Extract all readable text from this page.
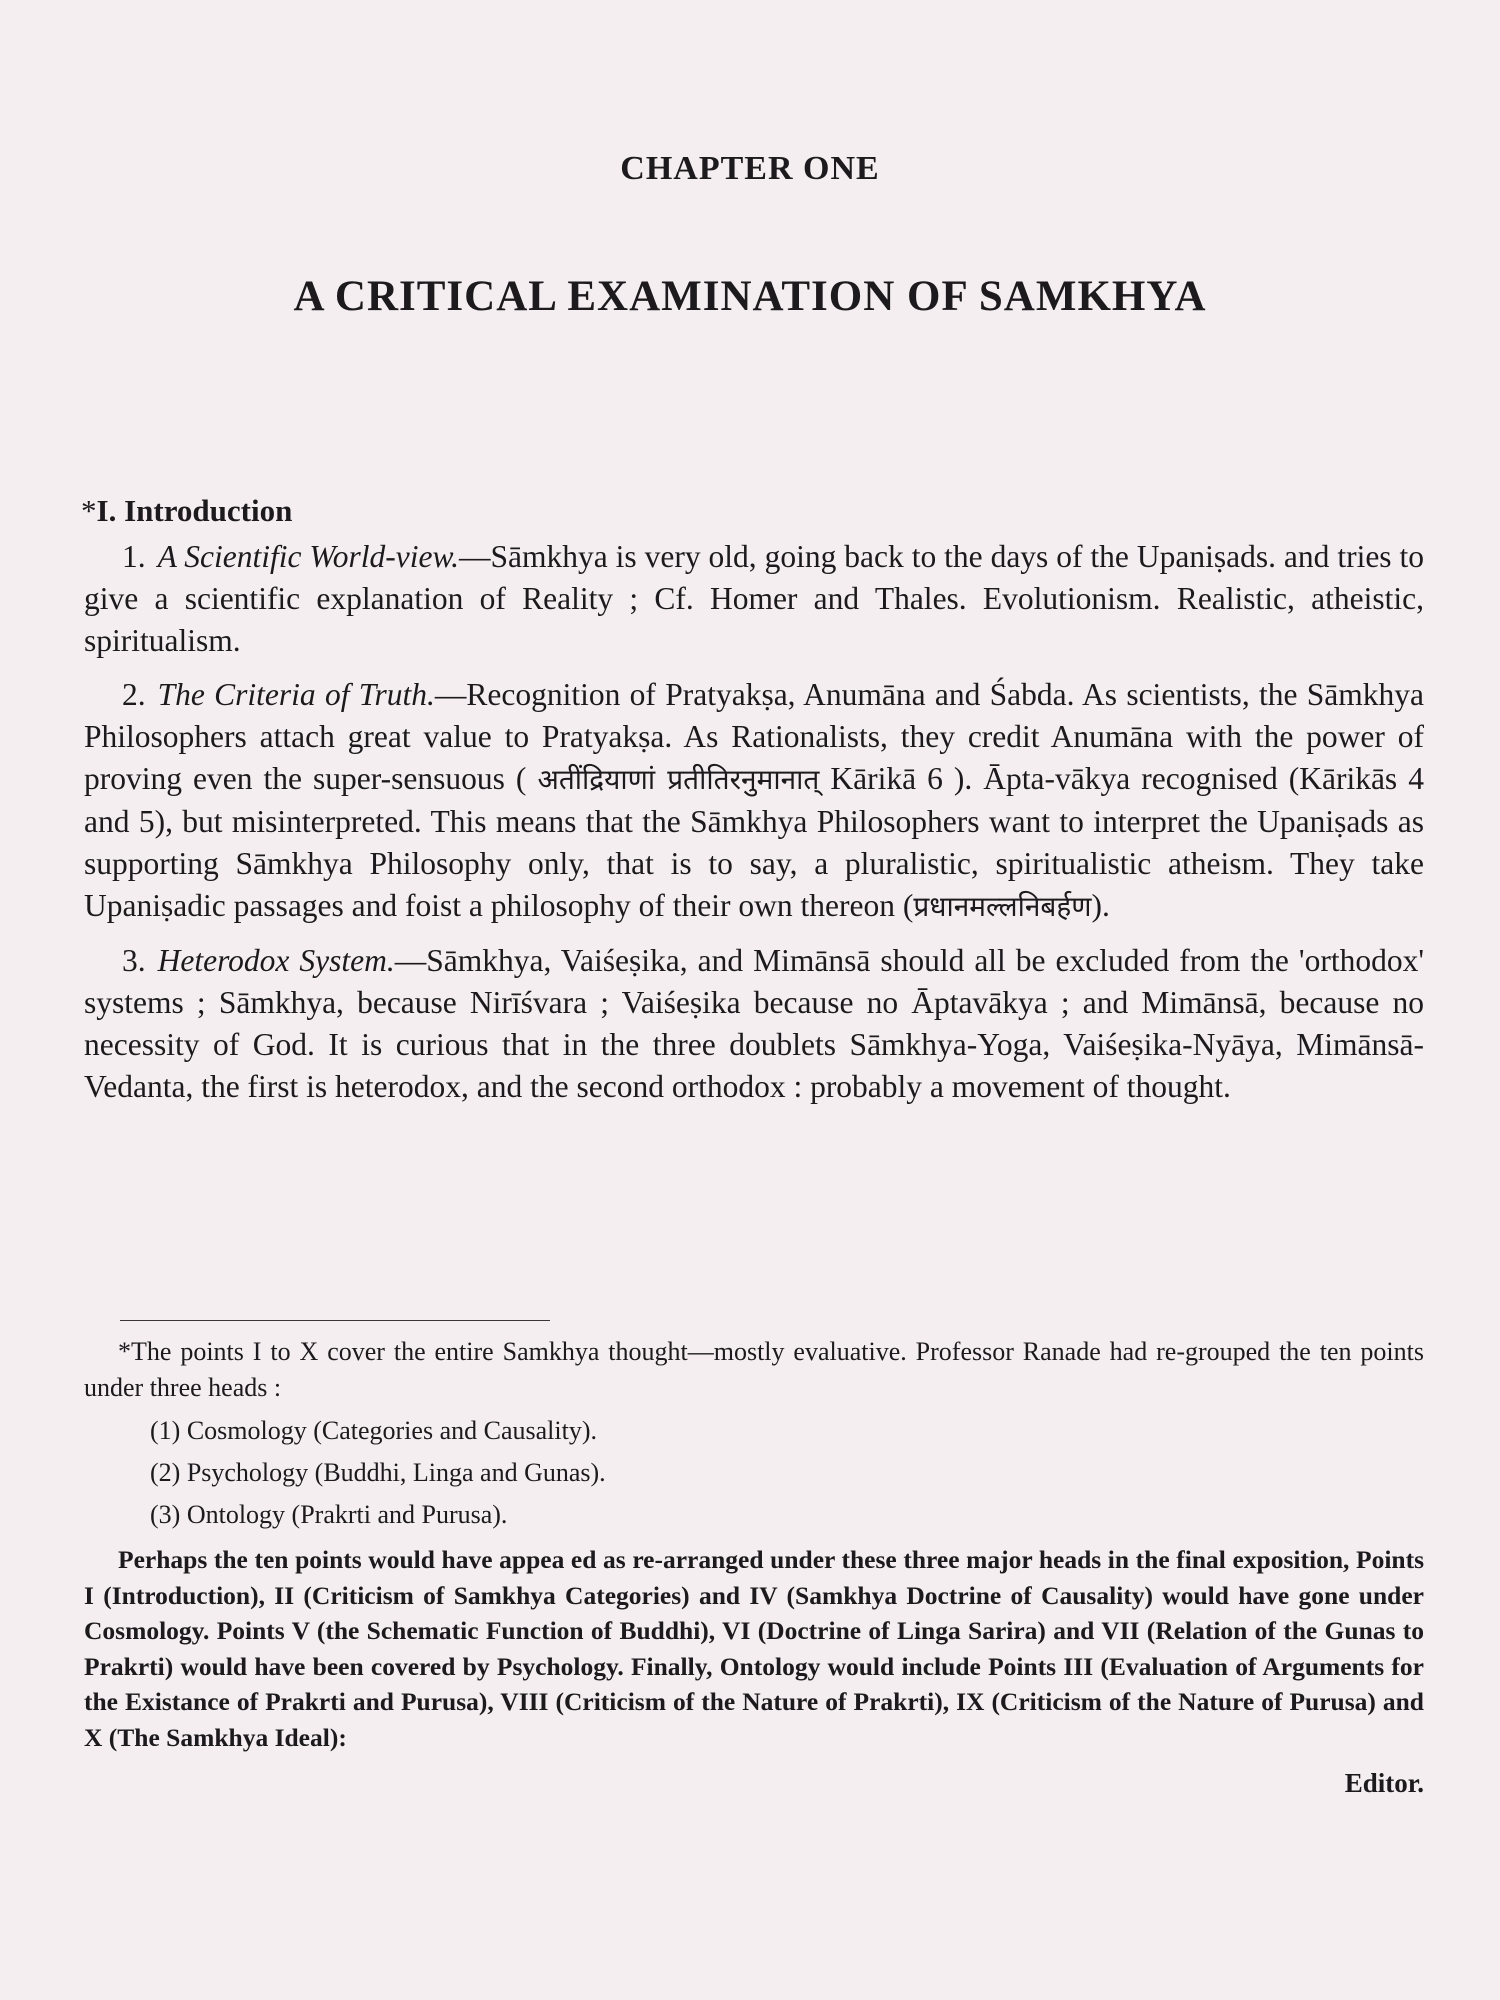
CHAPTER ONE
A CRITICAL EXAMINATION OF SAMKHYA
*I. Introduction

1. A Scientific World-view.—Sāmkhya is very old, going back to the days of the Upaniṣads. and tries to give a scientific explanation of Reality ; Cf. Homer and Thales. Evolutionism. Realistic, atheistic, spiritualism.

2. The Criteria of Truth.—Recognition of Pratyakṣa, Anumāna and Śabda. As scientists, the Sāmkhya Philosophers attach great value to Pratyakṣa. As Rationalists, they credit Anumāna with the power of proving even the super-sensuous ( अतींद्रियाणां प्रतीतिरनुमानात् Kārikā 6 ). Āpta-vākya recognised (Kārikās 4 and 5), but misinterpreted. This means that the Sāmkhya Philosophers want to interpret the Upaniṣads as supporting Sāmkhya Philosophy only, that is to say, a pluralistic, spiritualistic atheism. They take Upaniṣadic passages and foist a philosophy of their own thereon (प्रधानमल्लनिबर्हण).

3. Heterodox System.—Sāmkhya, Vaiśeṣika, and Mimānsā should all be excluded from the 'orthodox' systems ; Sāmkhya, because Nirīśvara ; Vaiśeṣika because no Āptavākya ; and Mimānsā, because no necessity of God. It is curious that in the three doublets Sāmkhya-Yoga, Vaiśeṣika-Nyāya, Mimānsā-Vedanta, the first is heterodox, and the second orthodox : probably a movement of thought.

*The points I to X cover the entire Samkhya thought—mostly evaluative. Professor Ranade had re-grouped the ten points under three heads :

(1) Cosmology (Categories and Causality).
(2) Psychology (Buddhi, Linga and Gunas).
(3) Ontology (Prakrti and Purusa).

Perhaps the ten points would have appea ed as re-arranged under these three major heads in the final exposition, Points I (Introduction), II (Criticism of Samkhya Categories) and IV (Samkhya Doctrine of Causality) would have gone under Cosmology. Points V (the Schematic Function of Buddhi), VI (Doctrine of Linga Sarira) and VII (Relation of the Gunas to Prakrti) would have been covered by Psychology. Finally, Ontology would include Points III (Evaluation of Arguments for the Existance of Prakrti and Purusa), VIII (Criticism of the Nature of Prakrti), IX (Criticism of the Nature of Purusa) and X (The Samkhya Ideal):

Editor.
